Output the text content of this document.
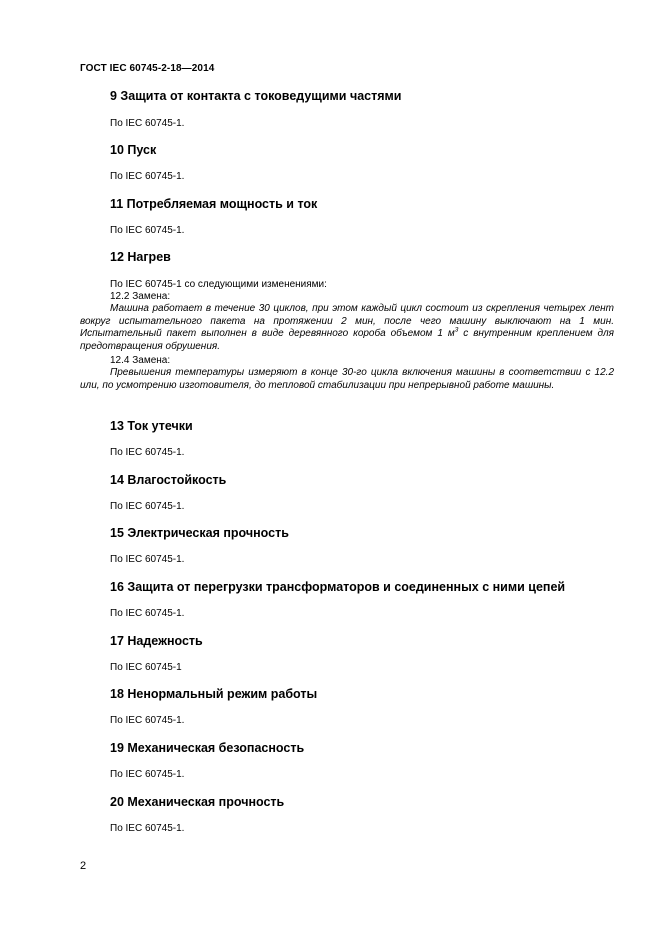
ГОСТ IEC 60745-2-18—2014
9 Защита от контакта с токоведущими частями
По IEC 60745-1.
10 Пуск
По IEC 60745-1.
11 Потребляемая мощность и ток
По IEC 60745-1.
12 Нагрев
По IEC 60745-1 со следующими изменениями:
12.2 Замена:
Машина работает в течение 30 циклов, при этом каждый цикл состоит из скрепления четырех лент вокруг испытательного пакета на протяжении 2 мин, после чего машину выключают на 1 мин. Испытательный пакет выполнен в виде деревянного короба объемом 1 $м^3$ с внутренним креплением для предотвращения обрушения.
12.4 Замена:
Превышения температуры измеряют в конце 30-го цикла включения машины в соответствии с 12.2 или, по усмотрению изготовителя, до тепловой стабилизации при непрерывной работе машины.
13 Ток утечки
По IEC 60745-1.
14 Влагостойкость
По IEC 60745-1.
15 Электрическая прочность
По IEC 60745-1.
16 Защита от перегрузки трансформаторов и соединенных с ними цепей
По IEC 60745-1.
17 Надежность
По IEC 60745-1
18 Ненормальный режим работы
По IEC 60745-1.
19 Механическая безопасность
По IEC 60745-1.
20 Механическая прочность
По IEC 60745-1.
2
